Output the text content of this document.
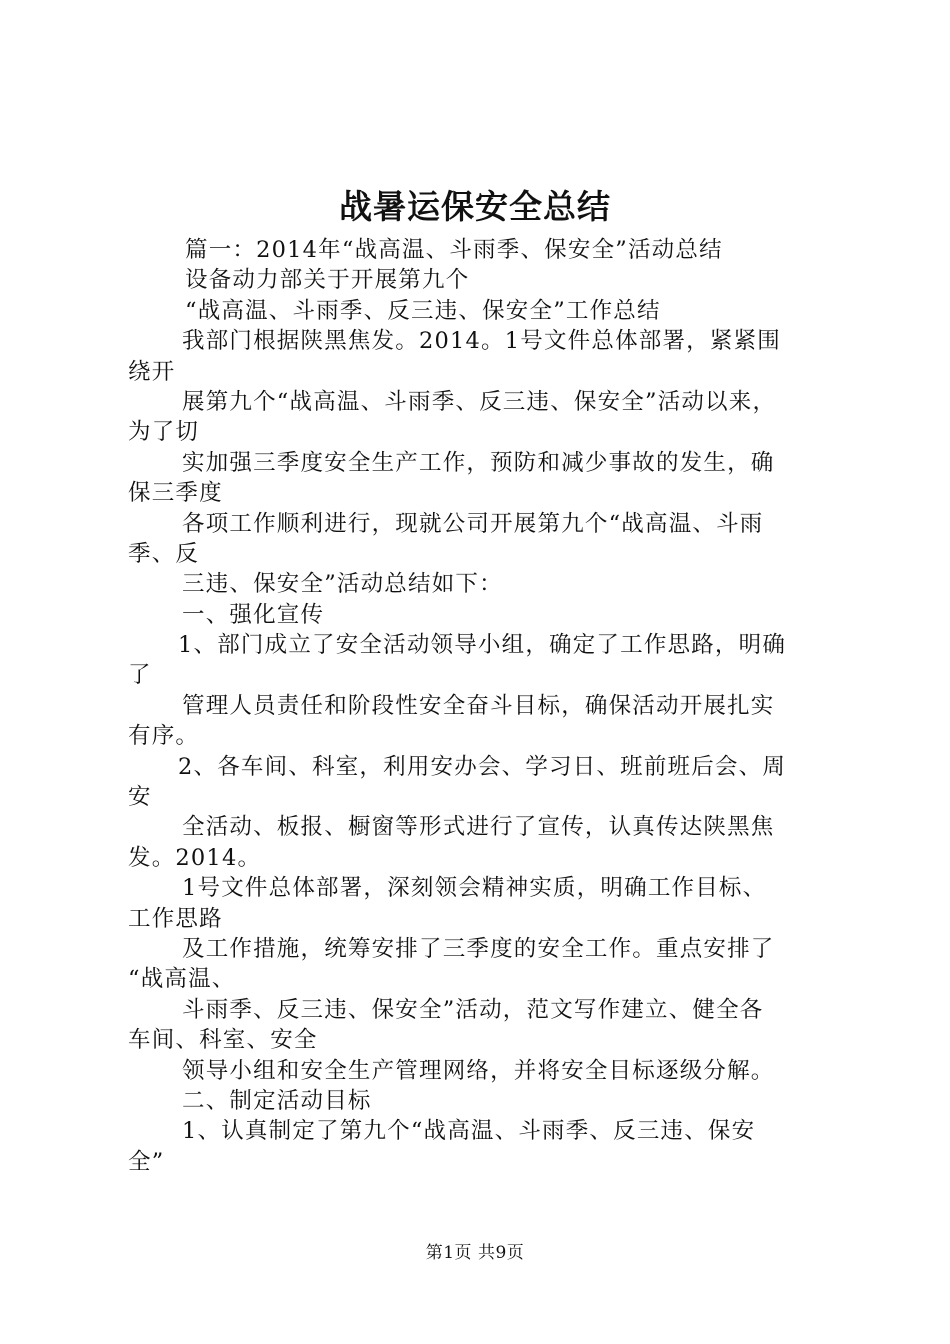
战暑运保安全总结
篇一：2014年“战高温、斗雨季、保安全”活动总结
设备动力部关于开展第九个
“战高温、斗雨季、反三违、保安全”工作总结
我部门根据陕黑焦发。2014。1号文件总体部署，紧紧围
绕开
展第九个“战高温、斗雨季、反三违、保安全”活动以来，
为了切
实加强三季度安全生产工作，预防和减少事故的发生，确
保三季度
各项工作顺利进行，现就公司开展第九个“战高温、斗雨
季、反
三违、保安全”活动总结如下：
一、强化宣传
1、部门成立了安全活动领导小组，确定了工作思路，明确
了
管理人员责任和阶段性安全奋斗目标，确保活动开展扎实
有序。
2、各车间、科室，利用安办会、学习日、班前班后会、周
安
全活动、板报、橱窗等形式进行了宣传，认真传达陕黑焦
发。2014。
1号文件总体部署，深刻领会精神实质，明确工作目标、
工作思路
及工作措施，统筹安排了三季度的安全工作。重点安排了
“战高温、
斗雨季、反三违、保安全”活动，范文写作建立、健全各
车间、科室、安全
领导小组和安全生产管理网络，并将安全目标逐级分解。
二、制定活动目标
1、认真制定了第九个“战高温、斗雨季、反三违、保安
全”
第1页 共9页
